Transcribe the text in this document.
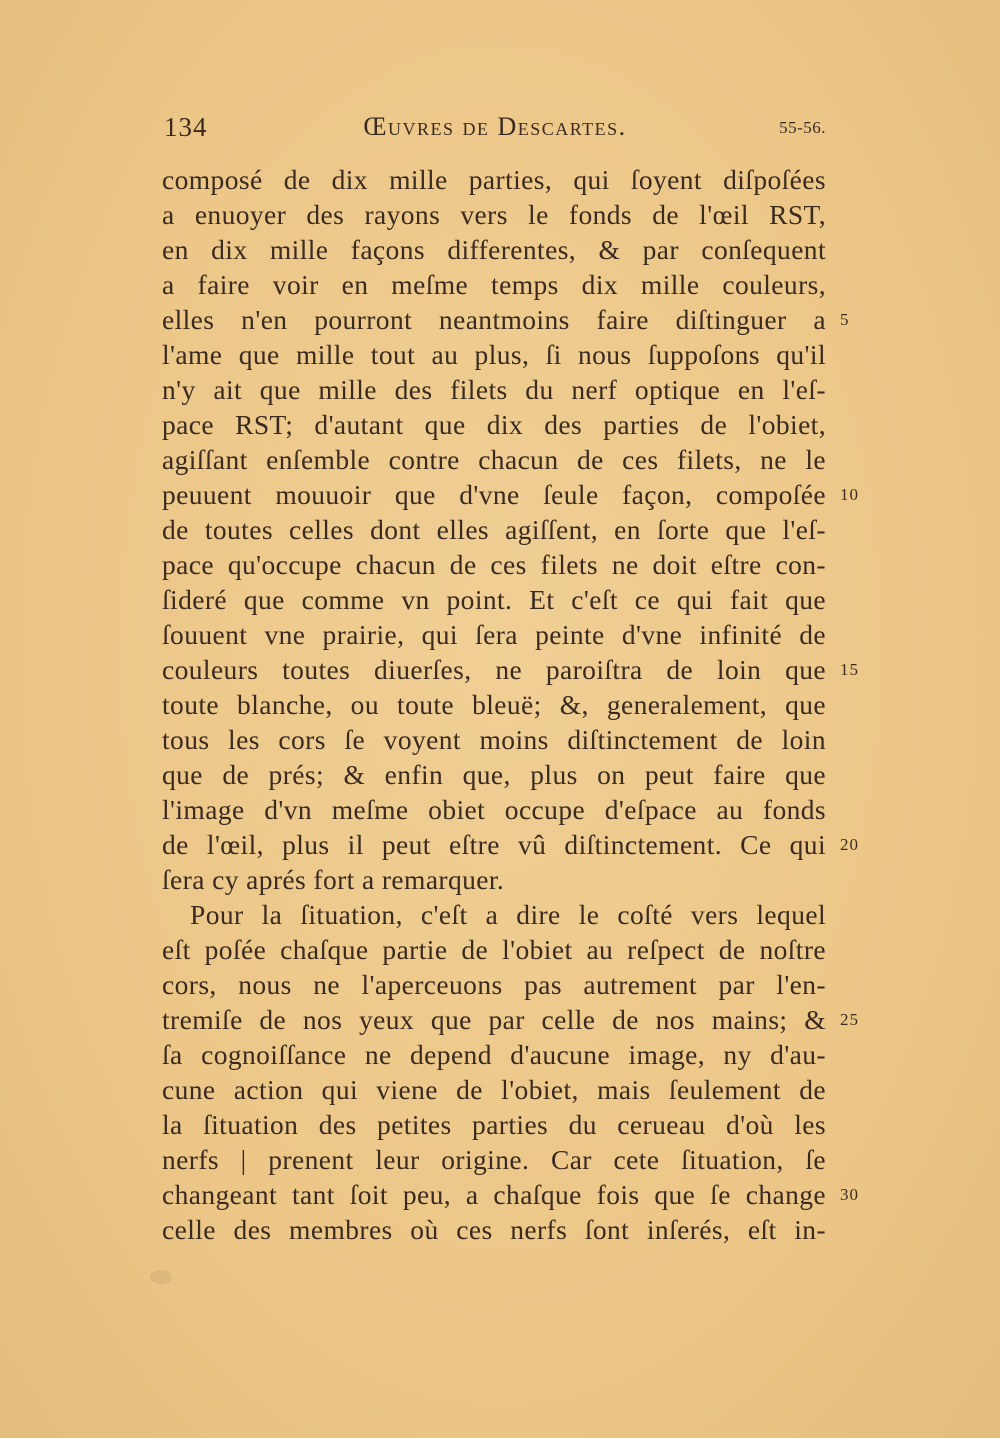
134	Œuvres de Descartes.	55-56.
composé de dix mille parties, qui ſoyent diſpoſées
a enuoyer des rayons vers le fonds de l'œil RST,
en dix mille façons differentes, & par conſequent
a faire voir en meſme temps dix mille couleurs,
elles n'en pourront neantmoins faire diſtinguer a
l'ame que mille tout au plus, ſi nous ſuppoſons qu'il
n'y ait que mille des filets du nerf optique en l'eſ-
pace RST; d'autant que dix des parties de l'obiet,
agiſſant enſemble contre chacun de ces filets, ne le
peuuent mouuoir que d'vne ſeule façon, compoſée
de toutes celles dont elles agiſſent, en ſorte que l'eſ-
pace qu'occupe chacun de ces filets ne doit eſtre con-
ſideré que comme vn point. Et c'eſt ce qui fait que
ſouuent vne prairie, qui ſera peinte d'vne infinité de
couleurs toutes diuerſes, ne paroiſtra de loin que
toute blanche, ou toute bleuë; &, generalement, que
tous les cors ſe voyent moins diſtinctement de loin
que de prés; & enfin que, plus on peut faire que
l'image d'vn meſme obiet occupe d'eſpace au fonds
de l'œil, plus il peut eſtre vû diſtinctement. Ce qui
ſera cy aprés fort a remarquer.
Pour la ſituation, c'eſt a dire le coſté vers lequel
eſt poſée chaſque partie de l'obiet au reſpect de noſtre
cors, nous ne l'aperceuons pas autrement par l'en-
tremiſe de nos yeux que par celle de nos mains; &
ſa cognoiſſance ne depend d'aucune image, ny d'au-
cune action qui viene de l'obiet, mais ſeulement de
la ſituation des petites parties du cerueau d'où les
nerfs | prenent leur origine. Car cete ſituation, ſe
changeant tant ſoit peu, a chaſque fois que ſe change
celle des membres où ces nerfs ſont inſerés, eſt in-
5
10
15
20
25
30
